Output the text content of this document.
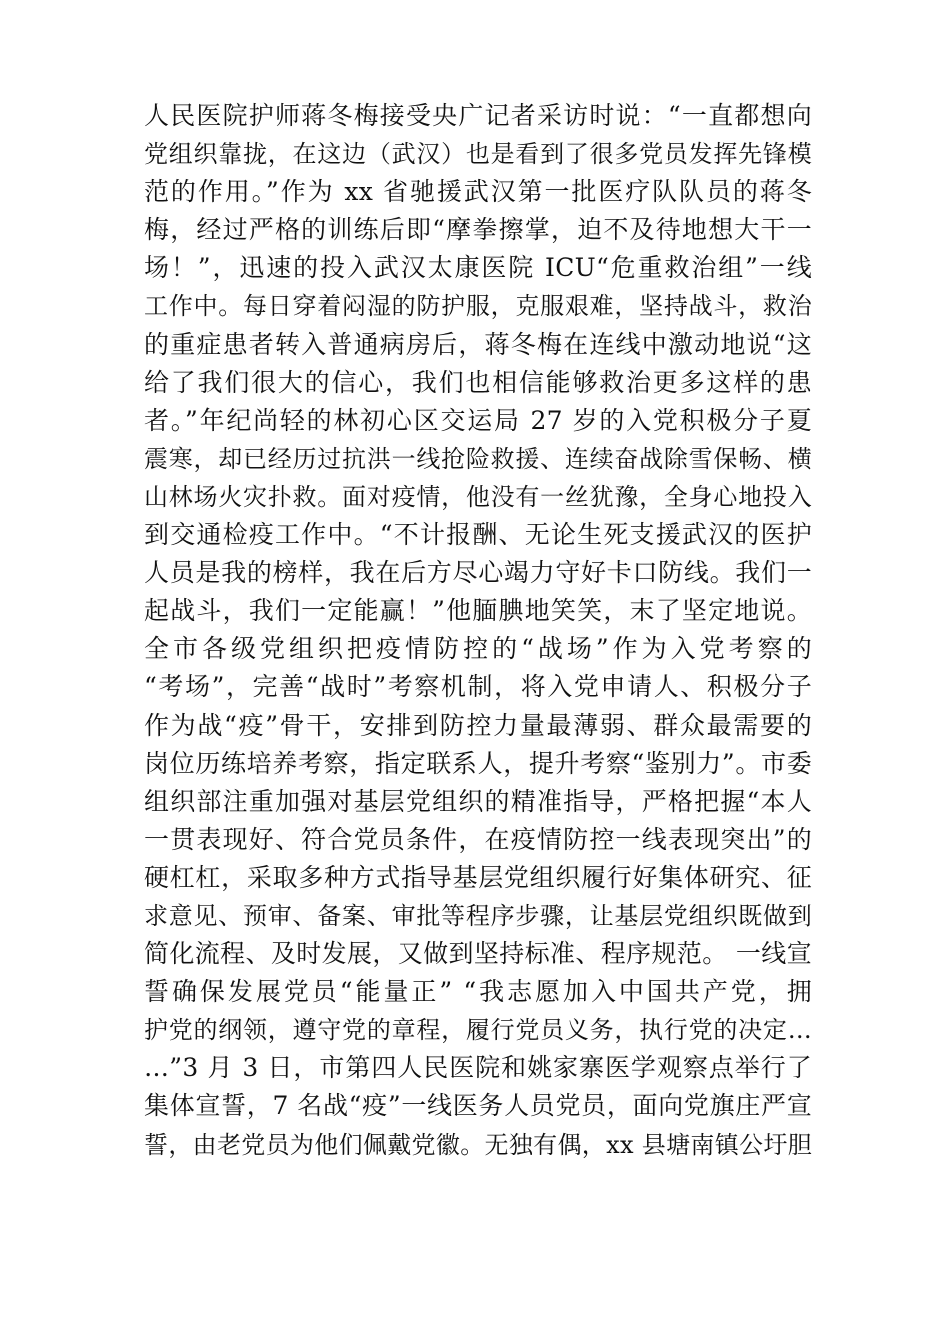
人民医院护师蒋冬梅接受央广记者采访时说：“一直都想向
党组织靠拢，在这边（武汉）也是看到了很多党员发挥先锋模
范的作用。”作为 xx 省驰援武汉第一批医疗队队员的蒋冬
梅，经过严格的训练后即“摩拳擦掌，迫不及待地想大干一
场！”，迅速的投入武汉太康医院 ICU“危重救治组”一线
工作中。每日穿着闷湿的防护服，克服艰难，坚持战斗，救治
的重症患者转入普通病房后，蒋冬梅在连线中激动地说“这
给了我们很大的信心，我们也相信能够救治更多这样的患
者。”年纪尚轻的林初心区交运局 27 岁的入党积极分子夏
震寒，却已经历过抗洪一线抢险救援、连续奋战除雪保畅、横
山林场火灾扑救。面对疫情，他没有一丝犹豫，全身心地投入
到交通检疫工作中。“不计报酬、无论生死支援武汉的医护
人员是我的榜样，我在后方尽心竭力守好卡口防线。我们一
起战斗，我们一定能赢！”他腼腆地笑笑，末了坚定地说。
全市各级党组织把疫情防控的“战场”作为入党考察的
“考场”，完善“战时”考察机制，将入党申请人、积极分子
作为战“疫”骨干，安排到防控力量最薄弱、群众最需要的
岗位历练培养考察，指定联系人，提升考察“鉴别力”。市委
组织部注重加强对基层党组织的精准指导，严格把握“本人
一贯表现好、符合党员条件，在疫情防控一线表现突出”的
硬杠杠，采取多种方式指导基层党组织履行好集体研究、征
求意见、预审、备案、审批等程序步骤，让基层党组织既做到
简化流程、及时发展，又做到坚持标准、程序规范。 一线宣
誓确保发展党员“能量正” “我志愿加入中国共产党，拥
护党的纲领，遵守党的章程，履行党员义务，执行党的决定…
…”3 月 3 日，市第四人民医院和姚家寨医学观察点举行了
集体宣誓，7 名战“疫”一线医务人员党员，面向党旗庄严宣
誓，由老党员为他们佩戴党徽。无独有偶，xx 县塘南镇公圩胆
